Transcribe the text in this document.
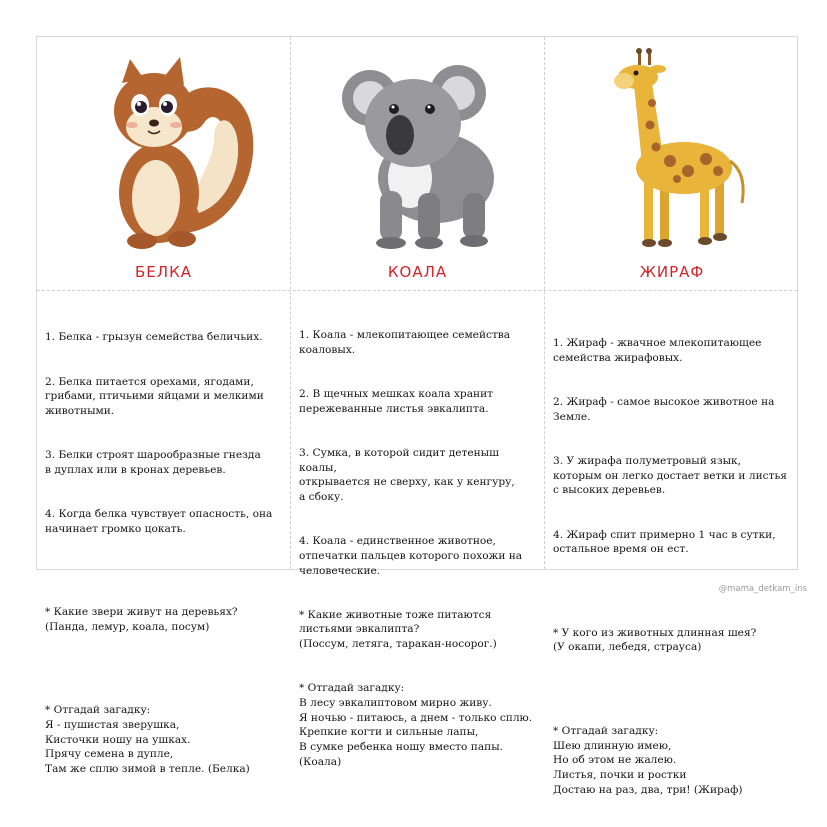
БЕЛКА

1. Белка - грызун семейства беличьих.

2. Белка питается орехами, ягодами,
грибами, птичьими яйцами и мелкими
животными.

3. Белки строят шарообразные гнезда
в дуплах или в кронах деревьев.

4. Когда белка чувствует опасность, она
начинает громко цокать.

* Какие звери живут на деревьях?
(Панда, лемур, коала, посум)

* Отгадай загадку:
Я - пушистая зверушка,
Кисточки ношу на ушках.
Прячу семена в дупле,
Там же сплю зимой в тепле. (Белка)

КОАЛА

1. Коала - млекопитающее семейства
коаловых.

2. В щечных мешках коала хранит
пережеванные листья эвкалипта.

3. Сумка, в которой сидит детеныш коалы,
открывается не сверху, как у кенгуру,
а сбоку.

4. Коала - единственное животное,
отпечатки пальцев которого похожи на
человеческие.

* Какие животные тоже питаются
листьями эвкалипта?
(Поссум, летяга, таракан-носорог.)

* Отгадай загадку:
В лесу эвкалиптовом мирно живу.
Я ночью - питаюсь, а днем - только сплю.
Крепкие когти и сильные лапы,
В сумке ребенка ношу вместо папы.
(Коала)

ЖИРАФ

1. Жираф - жвачное млекопитающее
семейства жирафовых.

2. Жираф - самое высокое животное на
Земле.

3. У жирафа полуметровый язык,
которым он легко достает ветки и листья
с высоких деревьев.

4. Жираф спит примерно 1 час в сутки,
остальное время он ест.

* У кого из животных длинная шея?
(У окапи, лебедя, страуса)

* Отгадай загадку:
Шею длинную имею,
Но об этом не жалею.
Листья, почки и ростки
Достаю на раз, два, три! (Жираф)

@mama_detkam_ins
